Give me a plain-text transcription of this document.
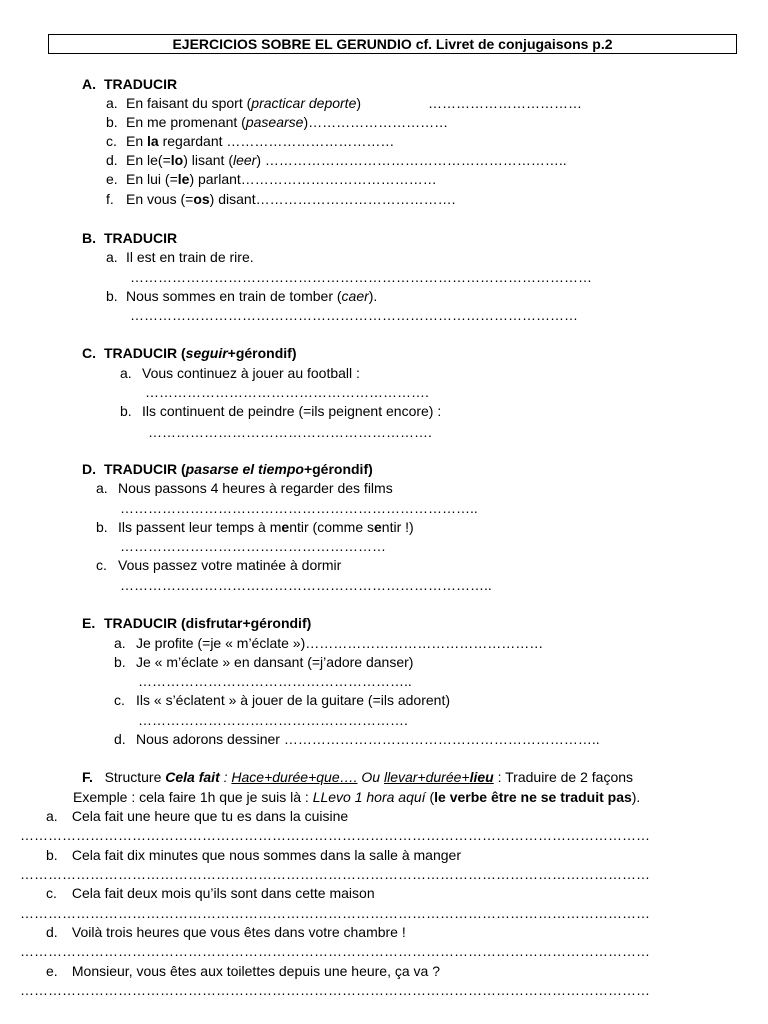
EJERCICIOS SOBRE EL GERUNDIO cf. Livret de conjugaisons p.2
A. TRADUCIR
a. En faisant du sport (practicar deporte)	……………………………
b. En me promenant (pasearse)…………………………
c. En la regardant ………………………………
d. En le(=lo) lisant (leer) ………………………………………………………..
e. En lui (=le) parlant……………………………………
f. En vous (=os) disant…………………………………….
B. TRADUCIR
a. Il est en train de rire.
………………………………………………………………………………………
b. Nous sommes en train de tomber (caer).
……………………………………………………………………………………
C. TRADUCIR (seguir+gérondif)
a. Vous continuez à jouer au football :
…………………………………………………….
b. Ils continuent de peindre (=ils peignent encore) :
…………………………………………………….
D. TRADUCIR (pasarse el tiempo+gérondif)
a. Nous passons 4 heures à regarder des films
…………………………………………………………………..
b. Ils passent leur temps à mentir (comme sentir !)
…………………………………………………
c. Vous passez votre matinée à dormir
……………………………………………………………………..
E. TRADUCIR (disfrutar+gérondif)
a. Je profite (=je « m’éclate »)……………………………………………
b. Je « m’éclate » en dansant (=j’adore danser)
…………………………………………………..
c. Ils « s’éclatent » à jouer de la guitare (=ils adorent)
………………………………………………….
d. Nous adorons dessiner …………………………………………………………..
F. Structure Cela fait : Hace+durée+que…. Ou llevar+durée+lieu : Traduire de 2 façons
Exemple : cela faire 1h que je suis là : LLevo 1 hora aquí (le verbe être ne se traduit pas).
a. Cela fait une heure que tu es dans la cuisine
………………………………………………………………………………………………………………………
b. Cela fait dix minutes que nous sommes dans la salle à manger
………………………………………………………………………………………………………………………
c. Cela fait deux mois qu’ils sont dans cette maison
………………………………………………………………………………………………………………………
d. Voilà trois heures que vous êtes dans votre chambre !
………………………………………………………………………………………………………………………
e. Monsieur, vous êtes aux toilettes depuis une heure, ça va ?
………………………………………………………………………………………………………………………
